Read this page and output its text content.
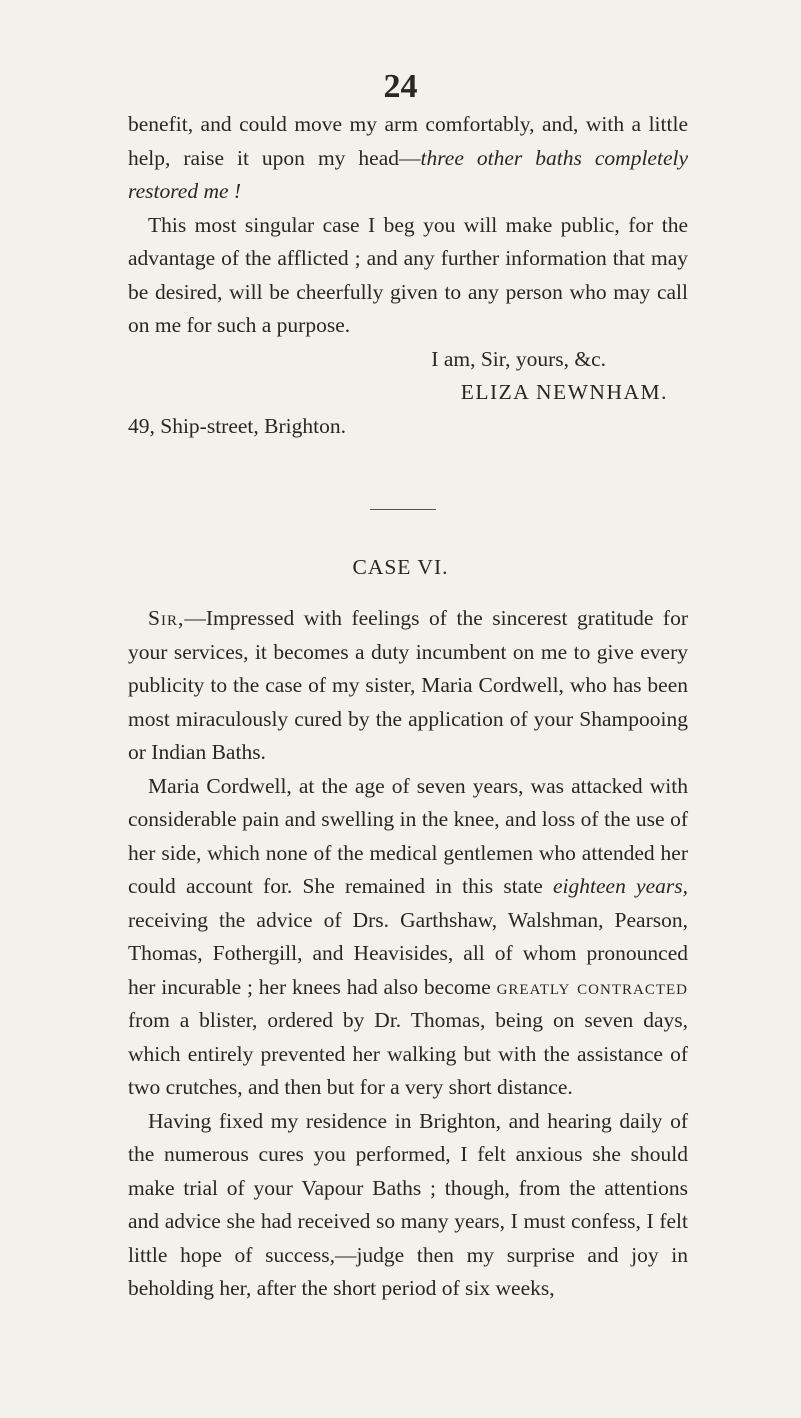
24

benefit, and could move my arm comfortably, and, with a little help, raise it upon my head—three other baths completely restored me !

This most singular case I beg you will make public, for the advantage of the afflicted ; and any further information that may be desired, will be cheerfully given to any person who may call on me for such a purpose.

I am, Sir, yours, &c.

ELIZA NEWNHAM.

49, Ship-street, Brighton.

CASE VI.

Sir,—Impressed with feelings of the sincerest gratitude for your services, it becomes a duty incumbent on me to give every publicity to the case of my sister, Maria Cordwell, who has been most miraculously cured by the application of your Shampooing or Indian Baths.

Maria Cordwell, at the age of seven years, was attacked with considerable pain and swelling in the knee, and loss of the use of her side, which none of the medical gentlemen who attended her could account for. She remained in this state eighteen years, receiving the advice of Drs. Garthshaw, Walshman, Pearson, Thomas, Fothergill, and Heavisides, all of whom pronounced her incurable ; her knees had also become greatly contracted from a blister, ordered by Dr. Thomas, being on seven days, which entirely prevented her walking but with the assistance of two crutches, and then but for a very short distance.

Having fixed my residence in Brighton, and hearing daily of the numerous cures you performed, I felt anxious she should make trial of your Vapour Baths ; though, from the attentions and advice she had received so many years, I must confess, I felt little hope of success,—judge then my surprise and joy in beholding her, after the short period of six weeks,
